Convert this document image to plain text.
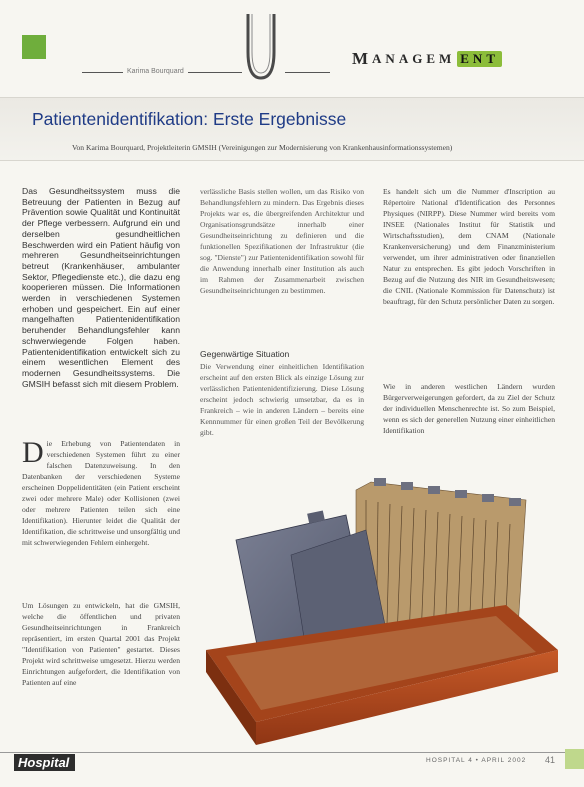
Karima Bourquard
M ANAGEM ENT
Patientenidentifikation: Erste Ergebnisse
Von Karima Bourquard, Projektleiterin GMSIH (Vereinigungen zur Modernisierung von Krankenhausinformationssystemen)
Das Gesundheitssystem muss die Betreuung der Patienten in Bezug auf Prävention sowie Qualität und Kontinuität der Pflege verbessern. Aufgrund ein und derselben gesundheitlichen Beschwerden wird ein Patient häufig von mehreren Gesundheitseinrichtungen betreut (Krankenhäuser, ambulanter Sektor, Pflegedienste etc.), die dazu eng kooperieren müssen. Die Informationen werden in verschiedenen Systemen erhoben und gespeichert. Ein auf einer mangelhaften Patientenidentifikation beruhender Behandlungsfehler kann schwerwiegende Folgen haben. Patientenidentifikation entwickelt sich zu einem wesentlichen Element des modernen Gesundheitssystems. Die GMSIH befasst sich mit diesem Problem.
Die Erhebung von Patientendaten in verschiedenen Systemen führt zu einer falschen Datenzuweisung. In den Datenbanken der verschiedenen Systeme erscheinen Doppelidentitäten (ein Patient erscheint zwei oder mehrere Male) oder Kollisionen (zwei oder mehrere Patienten teilen sich eine Identifikation). Hierunter leidet die Qualität der Identifikation, die schrittweise und unsorgfältig und mit schwerwiegenden Fehlern einhergeht.
Um Lösungen zu entwickeln, hat die GMSIH, welche die öffentlichen und privaten Gesundheitseinrichtungen in Frankreich repräsentiert, im ersten Quartal 2001 das Projekt "Identifikation von Patienten" gestartet. Dieses Projekt wird schrittweise umgesetzt. Hierzu werden Einrichtungen aufgefordert, die Identifikation von Patienten auf eine
verlässliche Basis stellen wollen, um das Risiko von Behandlungsfehlern zu mindern. Das Ergebnis dieses Projekts war es, die übergreifenden Architektur und Organisationsgrundsätze innerhalb einer Gesundheitseinrichtung zu definieren und die funktionellen Spezifikationen der Infrastruktur (die sog. "Dienste") zur Patientenidentifikation sowohl für die Anwendung innerhalb einer Institution als auch im Rahmen der Zusammenarbeit zwischen Gesundheitseinrichtungen zu bestimmen.
Gegenwärtige Situation
Die Verwendung einer einheitlichen Identifikation erscheint auf den ersten Blick als einzige Lösung zur verlässlichen Patientenidentifizierung. Diese Lösung erscheint jedoch schwierig umsetzbar, da es in Frankreich – wie in anderen Ländern – bereits eine Kennnummer für einen großen Teil der Bevölkerung gibt.
Es handelt sich um die Nummer d'Inscription au Répertoire National d'Identification des Personnes Physiques (NIRPP). Diese Nummer wird bereits vom INSEE (Nationales Institut für Statistik und Wirtschaftsstudien), dem CNAM (Nationale Krankenversicherung) und dem Finanzministerium verwendet, um ihrer administrativen oder finanziellen Natur zu entsprechen. Es gibt jedoch Vorschriften in Bezug auf die Nutzung des NIR im Gesundheitswesen; die CNIL (Nationale Kommission für Datenschutz) ist beauftragt, für den Schutz persönlicher Daten zu sorgen.
Wie in anderen westlichen Ländern wurden Bürgerverweigerungen gefordert, da zu Ziel der Schutz der individuellen Menschenrechte ist. So zum Beispiel, wenn es sich der generellen Nutzung einer einheitlichen Identifikation
Hospital	HOSPITAL 4 • APRIL 2002 41
